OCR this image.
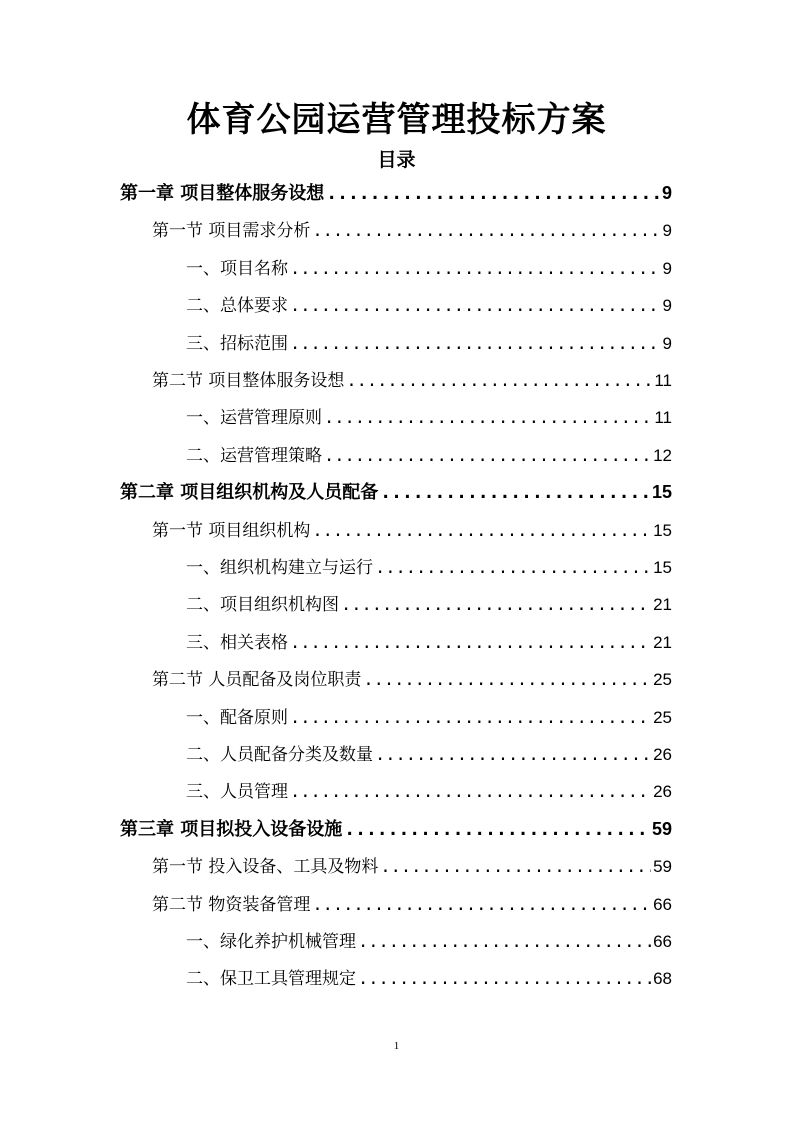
体育公园运营管理投标方案
目录
第一章 项目整体服务设想 .....	9
第一节 项目需求分析 .....	9
一、项目名称 .....	9
二、总体要求 .....	9
三、招标范围 .....	9
第二节 项目整体服务设想 .....	11
一、运营管理原则 .....	11
二、运营管理策略 .....	12
第二章 项目组织机构及人员配备 .....	15
第一节 项目组织机构 .....	15
一、组织机构建立与运行 .....	15
二、项目组织机构图 .....	21
三、相关表格 .....	21
第二节 人员配备及岗位职责 .....	25
一、配备原则 .....	25
二、人员配备分类及数量 .....	26
三、人员管理 .....	26
第三章 项目拟投入设备设施 .....	59
第一节 投入设备、工具及物料 .....	59
第二节 物资装备管理 .....	66
一、绿化养护机械管理 .....	66
二、保卫工具管理规定 .....	68
1
